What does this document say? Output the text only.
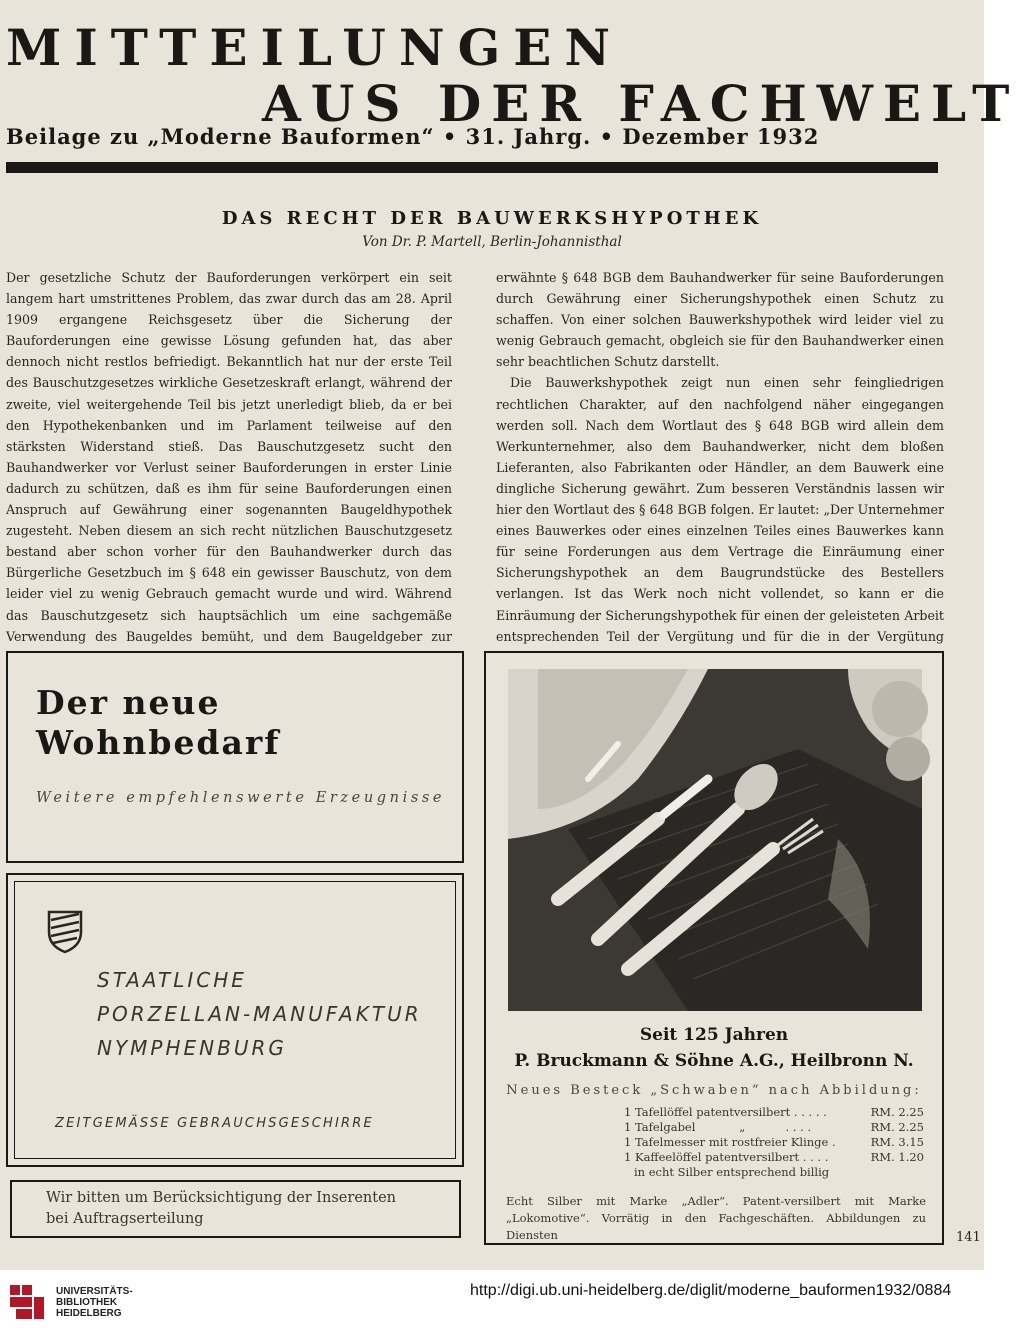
MITTEILUNGEN
AUS DER FACHWELT
Beilage zu „Moderne Bauformen“ • 31. Jahrg. • Dezember 1932
DAS RECHT DER BAUWERKSHYPOTHEK
Von Dr. P. Martell, Berlin-Johannisthal

Der gesetzliche Schutz der Bauforderungen verkörpert ein seit langem hart umstrittenes Problem, das zwar durch das am 28. April 1909 ergangene Reichsgesetz über die Sicherung der Bauforderungen eine gewisse Lösung gefunden hat, das aber dennoch nicht restlos befriedigt. Bekanntlich hat nur der erste Teil des Bauschutzgesetzes wirkliche Gesetzeskraft erlangt, während der zweite, viel weitergehende Teil bis jetzt unerledigt blieb, da er bei den Hypothekenbanken und im Parlament teilweise auf den stärksten Widerstand stieß. Das Bauschutzgesetz sucht den Bauhandwerker vor Verlust seiner Bauforderungen in erster Linie dadurch zu schützen, daß es ihm für seine Bauforderungen einen Anspruch auf Gewährung einer sogenannten Baugeldhypothek zugesteht. Neben diesem an sich recht nützlichen Bauschutzgesetz bestand aber schon vorher für den Bauhandwerker durch das Bürgerliche Gesetzbuch im § 648 ein gewisser Bauschutz, von dem leider viel zu wenig Gebrauch gemacht wurde und wird. Während das Bauschutzgesetz sich hauptsächlich um eine sachgemäße Verwendung des Baugeldes bemüht, und dem Baugeldgeber zur

erwähnte § 648 BGB dem Bauhandwerker für seine Bauforderungen durch Gewährung einer Sicherungshypothek einen Schutz zu schaffen. Von einer solchen Bauwerkshypothek wird leider viel zu wenig Gebrauch gemacht, obgleich sie für den Bauhandwerker einen sehr beachtlichen Schutz darstellt.

Die Bauwerkshypothek zeigt nun einen sehr feingliedrigen rechtlichen Charakter, auf den nachfolgend näher eingegangen werden soll. Nach dem Wortlaut des § 648 BGB wird allein dem Werkunternehmer, also dem Bauhandwerker, nicht dem bloßen Lieferanten, also Fabrikanten oder Händler, an dem Bauwerk eine dingliche Sicherung gewährt. Zum besseren Verständnis lassen wir hier den Wortlaut des § 648 BGB folgen. Er lautet: „Der Unternehmer eines Bauwerkes oder eines einzelnen Teiles eines Bauwerkes kann für seine Forderungen aus dem Vertrage die Einräumung einer Sicherungshypothek an dem Baugrundstücke des Bestellers verlangen. Ist das Werk noch nicht vollendet, so kann er die Einräumung der Sicherungshypothek für einen der geleisteten Arbeit entsprechenden Teil der Vergütung und für die in der Vergütung

Der neue
Wohnbedarf
Weitere empfehlenswerte Erzeugnisse
STAATLICHE
PORZELLAN-MANUFAKTUR
NYMPHENBURG
ZEITGEMÄSSE GEBRAUCHSGESCHIRRE
Wir bitten um Berücksichtigung der Inserenten
bei Auftragserteilung
Seit 125 Jahren
P. Bruckmann & Söhne A.G., Heilbronn N.
Neues Besteck „Schwaben“ nach Abbildung:
1 Tafellöffel patentversilbert . . . . .	RM. 2.25
1 Tafelgabel            „           . . . .	RM. 2.25
1 Tafelmesser mit rostfreier Klinge .	RM. 3.15
1 Kaffeelöffel patentversilbert . . . .	RM. 1.20
in echt Silber entsprechend billig
Echt Silber mit Marke „Adler“. Patent-versilbert mit Marke „Lokomotive“. Vorrätig in den Fachgeschäften. Abbildungen zu Diensten	141
UNIVERSITÄTS-
BIBLIOTHEK
HEIDELBERG
http://digi.ub.uni-heidelberg.de/diglit/moderne_bauformen1932/0884
